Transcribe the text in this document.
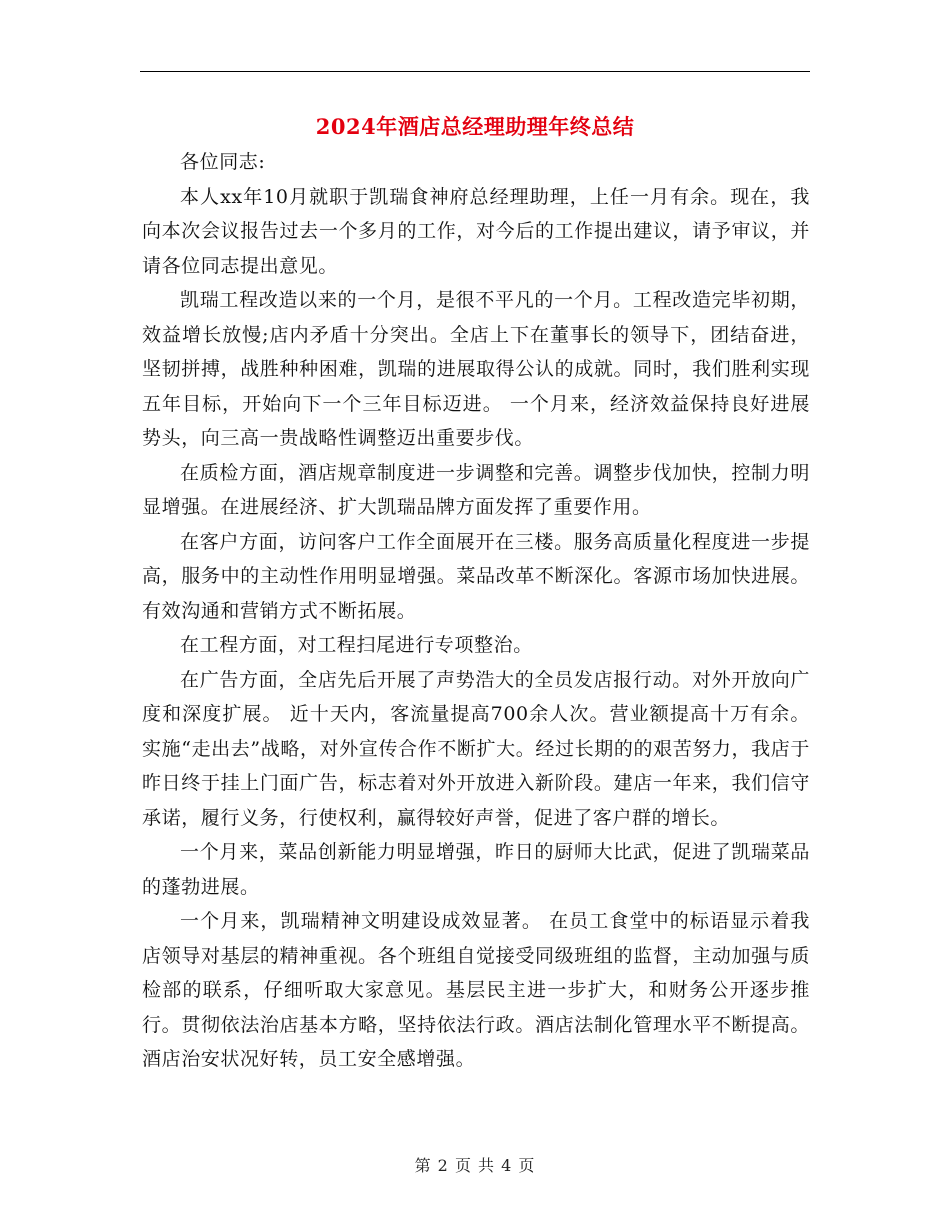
2024年酒店总经理助理年终总结

各位同志:

本人xx年10月就职于凯瑞食神府总经理助理，上任一月有余。现在，我向本次会议报告过去一个多月的工作，对今后的工作提出建议，请予审议，并请各位同志提出意见。

凯瑞工程改造以来的一个月，是很不平凡的一个月。工程改造完毕初期，效益增长放慢;店内矛盾十分突出。全店上下在董事长的领导下，团结奋进，坚韧拼搏，战胜种种困难，凯瑞的进展取得公认的成就。同时，我们胜利实现五年目标，开始向下一个三年目标迈进。 一个月来，经济效益保持良好进展势头，向三高一贵战略性调整迈出重要步伐。

在质检方面，酒店规章制度进一步调整和完善。调整步伐加快，控制力明显增强。在进展经济、扩大凯瑞品牌方面发挥了重要作用。

在客户方面，访问客户工作全面展开在三楼。服务高质量化程度进一步提高，服务中的主动性作用明显增强。菜品改革不断深化。客源市场加快进展。有效沟通和营销方式不断拓展。

在工程方面，对工程扫尾进行专项整治。

在广告方面，全店先后开展了声势浩大的全员发店报行动。对外开放向广度和深度扩展。 近十天内，客流量提高700余人次。营业额提高十万有余。实施“走出去”战略，对外宣传合作不断扩大。经过长期的的艰苦努力，我店于昨日终于挂上门面广告，标志着对外开放进入新阶段。建店一年来，我们信守承诺，履行义务，行使权利，赢得较好声誉，促进了客户群的增长。

一个月来，菜品创新能力明显增强，昨日的厨师大比武，促进了凯瑞菜品的蓬勃进展。

一个月来，凯瑞精神文明建设成效显著。 在员工食堂中的标语显示着我店领导对基层的精神重视。各个班组自觉接受同级班组的监督，主动加强与质检部的联系，仔细听取大家意见。基层民主进一步扩大，和财务公开逐步推行。贯彻依法治店基本方略，坚持依法行政。酒店法制化管理水平不断提高。酒店治安状况好转，员工安全感增强。

第 2 页 共 4 页
